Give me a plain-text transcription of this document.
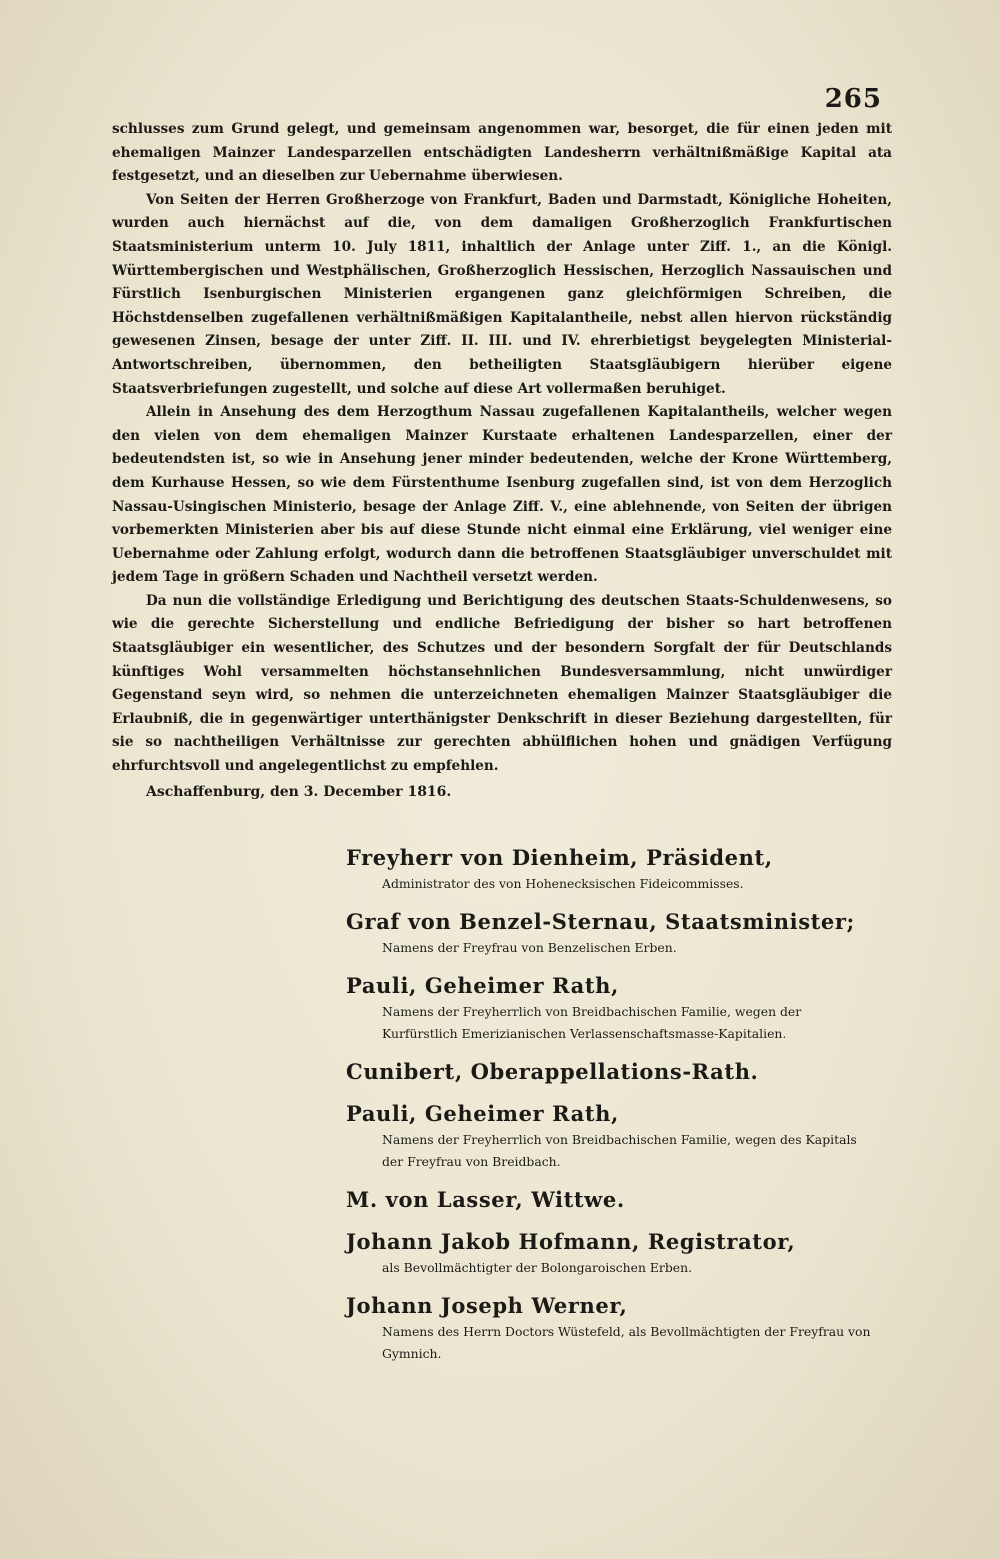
265

schlusses zum Grund gelegt, und gemeinsam angenommen war, besorget, die für einen jeden mit ehemaligen Mainzer Landesparzellen entschädigten Landesherrn verhältnißmäßige Kapital ata festgesetzt, und an dieselben zur Uebernahme überwiesen.

Von Seiten der Herren Großherzoge von Frankfurt, Baden und Darmstadt, Königliche Hoheiten, wurden auch hiernächst auf die, von dem damaligen Großherzoglich Frankfurtischen Staatsministerium unterm 10. July 1811, inhaltlich der Anlage unter Ziff. 1., an die Königl. Württembergischen und Westphälischen, Großherzoglich Hessischen, Herzoglich Nassauischen und Fürstlich Isenburgischen Ministerien ergangenen ganz gleichförmigen Schreiben, die Höchstdenselben zugefallenen verhältnißmäßigen Kapitalantheile, nebst allen hiervon rückständig gewesenen Zinsen, besage der unter Ziff. II. III. und IV. ehrerbietigst beygelegten Ministerial-Antwortschreiben, übernommen, den betheiligten Staatsgläubigern hierüber eigene Staatsverbriefungen zugestellt, und solche auf diese Art vollermaßen beruhiget.

Allein in Ansehung des dem Herzogthum Nassau zugefallenen Kapitalantheils, welcher wegen den vielen von dem ehemaligen Mainzer Kurstaate erhaltenen Landesparzellen, einer der bedeutendsten ist, so wie in Ansehung jener minder bedeutenden, welche der Krone Württemberg, dem Kurhause Hessen, so wie dem Fürstenthume Isenburg zugefallen sind, ist von dem Herzoglich Nassau-Usingischen Ministerio, besage der Anlage Ziff. V., eine ablehnende, von Seiten der übrigen vorbemerkten Ministerien aber bis auf diese Stunde nicht einmal eine Erklärung, viel weniger eine Uebernahme oder Zahlung erfolgt, wodurch dann die betroffenen Staatsgläubiger unverschuldet mit jedem Tage in größern Schaden und Nachtheil versetzt werden.

Da nun die vollständige Erledigung und Berichtigung des deutschen Staats-Schuldenwesens, so wie die gerechte Sicherstellung und endliche Befriedigung der bisher so hart betroffenen Staatsgläubiger ein wesentlicher, des Schutzes und der besondern Sorgfalt der für Deutschlands künftiges Wohl versammelten höchstansehnlichen Bundesversammlung, nicht unwürdiger Gegenstand seyn wird, so nehmen die unterzeichneten ehemaligen Mainzer Staatsgläubiger die Erlaubniß, die in gegenwärtiger unterthänigster Denkschrift in dieser Beziehung dargestellten, für sie so nachtheiligen Verhältnisse zur gerechten abhülflichen hohen und gnädigen Verfügung ehrfurchtsvoll und angelegentlichst zu empfehlen.

Aschaffenburg, den 3. December 1816.

Freyherr von Dienheim, Präsident,
Administrator des von Hohenecksischen Fideicommisses.
Graf von Benzel-Sternau, Staatsminister;
Namens der Freyfrau von Benzelischen Erben.
Pauli, Geheimer Rath,
Namens der Freyherrlich von Breidbachischen Familie, wegen der Kurfürstlich Emerizianischen Verlassenschaftsmasse-Kapitalien.
Cunibert, Oberappellations-Rath.
Pauli, Geheimer Rath,
Namens der Freyherrlich von Breidbachischen Familie, wegen des Kapitals der Freyfrau von Breidbach.
M. von Lasser, Wittwe.
Johann Jakob Hofmann, Registrator,
als Bevollmächtigter der Bolongaroischen Erben.
Johann Joseph Werner,
Namens des Herrn Doctors Wüstefeld, als Bevollmächtigten der Freyfrau von Gymnich.
